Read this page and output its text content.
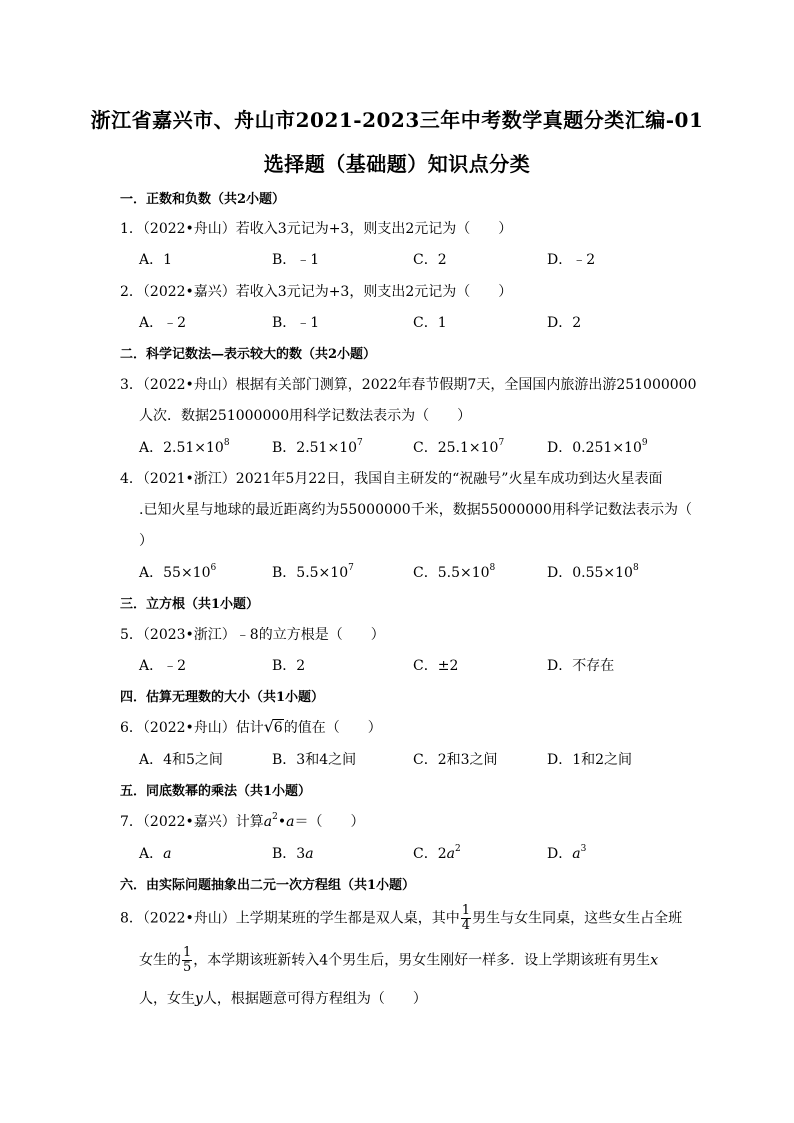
浙江省嘉兴市、舟山市2021-2023三年中考数学真题分类汇编-01
选择题（基础题）知识点分类
一．正数和负数（共2小题）
1．（2022•舟山）若收入3元记为+3，则支出2元记为（　　）
A．1	B．﹣1	C．2	D．﹣2
2．（2022•嘉兴）若收入3元记为+3，则支出2元记为（　　）
A．﹣2	B．﹣1	C．1	D．2
二．科学记数法—表示较大的数（共2小题）
3．（2022•舟山）根据有关部门测算，2022年春节假期7天，全国国内旅游出游251000000
人次．数据251000000用科学记数法表示为（　　）
A．$2.51\times 10^8$	B．$2.51\times 10^7$	C．$25.1\times 10^7$	D．$0.251\times 10^9$
4．（2021•浙江）2021年5月22日，我国自主研发的“祝融号”火星车成功到达火星表面
.已知火星与地球的最近距离约为55000000千米，数据55000000用科学记数法表示为（
）
A．$55\times 10^6$	B．$5.5\times 10^7$	C．$5.5\times 10^8$	D．$0.55\times 10^8$
三．立方根（共1小题）
5．（2023•浙江）﹣8的立方根是（　　）
A．﹣2	B．2	C．±2	D．不存在
四．估算无理数的大小（共1小题）
6．（2022•舟山）估计 √ 6的值在（　　）
A．4和5之间	B．3和4之间	C．2和3之间	D．1和2之间
五．同底数幂的乘法（共1小题）
7．（2022•嘉兴）计算$a^2•a=$（　　）
A．a	B．3a	C．$2a^2$	D．$a^3$
六．由实际问题抽象出二元一次方程组（共1小题）
8．（2022•舟山）上学期某班的学生都是双人桌，其中 $\frac{1}{4}$ 男生与女生同桌，这些女生占全班
女生的 $\frac{1}{5}$ ，本学期该班新转入4个男生后，男女生刚好一样多．设上学期该班有男生x
人，女生y人，根据题意可得方程组为（　　）
